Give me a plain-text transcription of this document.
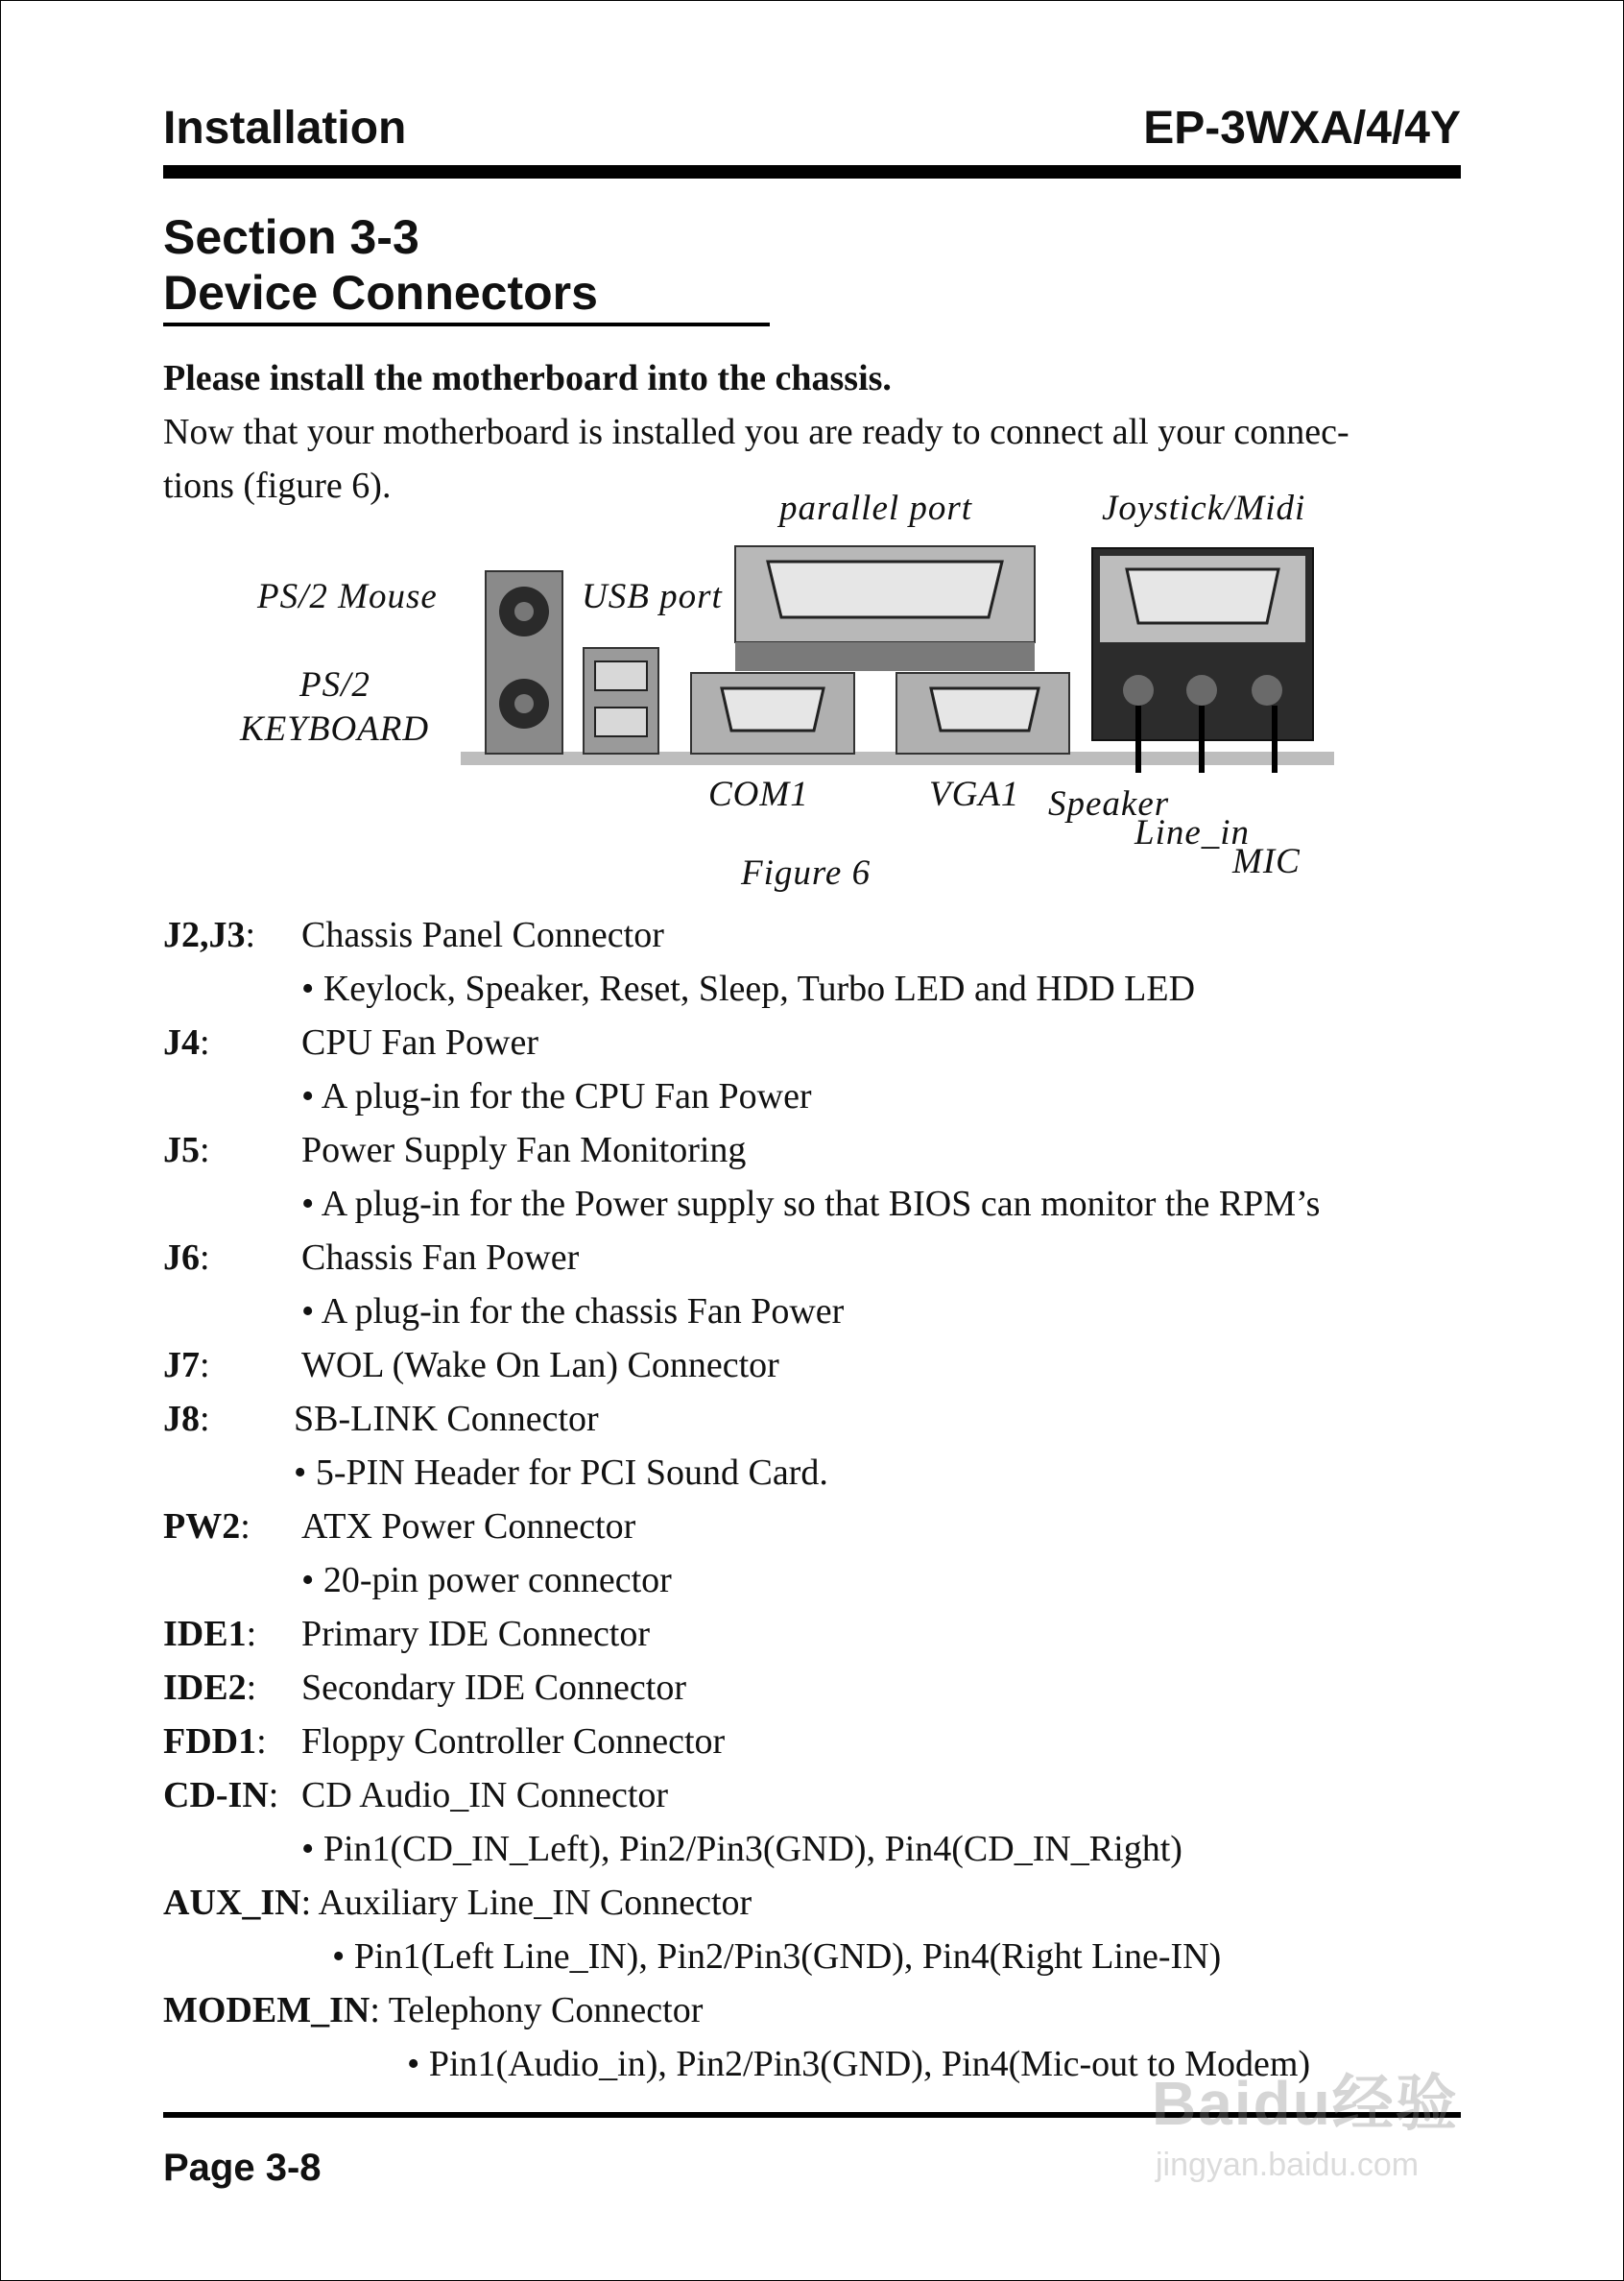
Installation	EP-3WXA/4/4Y
Section 3-3
Device Connectors
Please install the motherboard into the chassis.
Now that your motherboard is installed you are ready to connect all your connec-
tions (figure 6).
parallel port	Joystick/Midi
PS/2 Mouse	USB port
PS/2
KEYBOARD
COM1	VGA1 Speaker
Line_in
MIC
Figure 6
J2,J3: Chassis Panel Connector
• Keylock, Speaker, Reset, Sleep, Turbo LED and HDD LED
J4:	CPU Fan Power
• A plug-in for the CPU Fan Power
J5:	Power Supply Fan Monitoring
• A plug-in for the Power supply so that BIOS can monitor the RPM’s
J6:	Chassis Fan Power
• A plug-in for the chassis Fan Power
J7:	WOL (Wake On Lan) Connector
J8: SB-LINK Connector
• 5-PIN Header for PCI Sound Card.
PW2: ATX Power Connector
• 20-pin power connector
IDE1: Primary IDE Connector
IDE2: Secondary IDE Connector
FDD1: Floppy Controller Connector
CD-IN: CD Audio_IN Connector
• Pin1(CD_IN_Left), Pin2/Pin3(GND), Pin4(CD_IN_Right)
AUX_IN: Auxiliary Line_IN Connector
• Pin1(Left Line_IN), Pin2/Pin3(GND), Pin4(Right Line-IN)
MODEM_IN: Telephony Connector
• Pin1(Audio_in), Pin2/Pin3(GND), Pin4(Mic-out to Modem)
Page 3-8
Baidu经验
jingyan.baidu.com
